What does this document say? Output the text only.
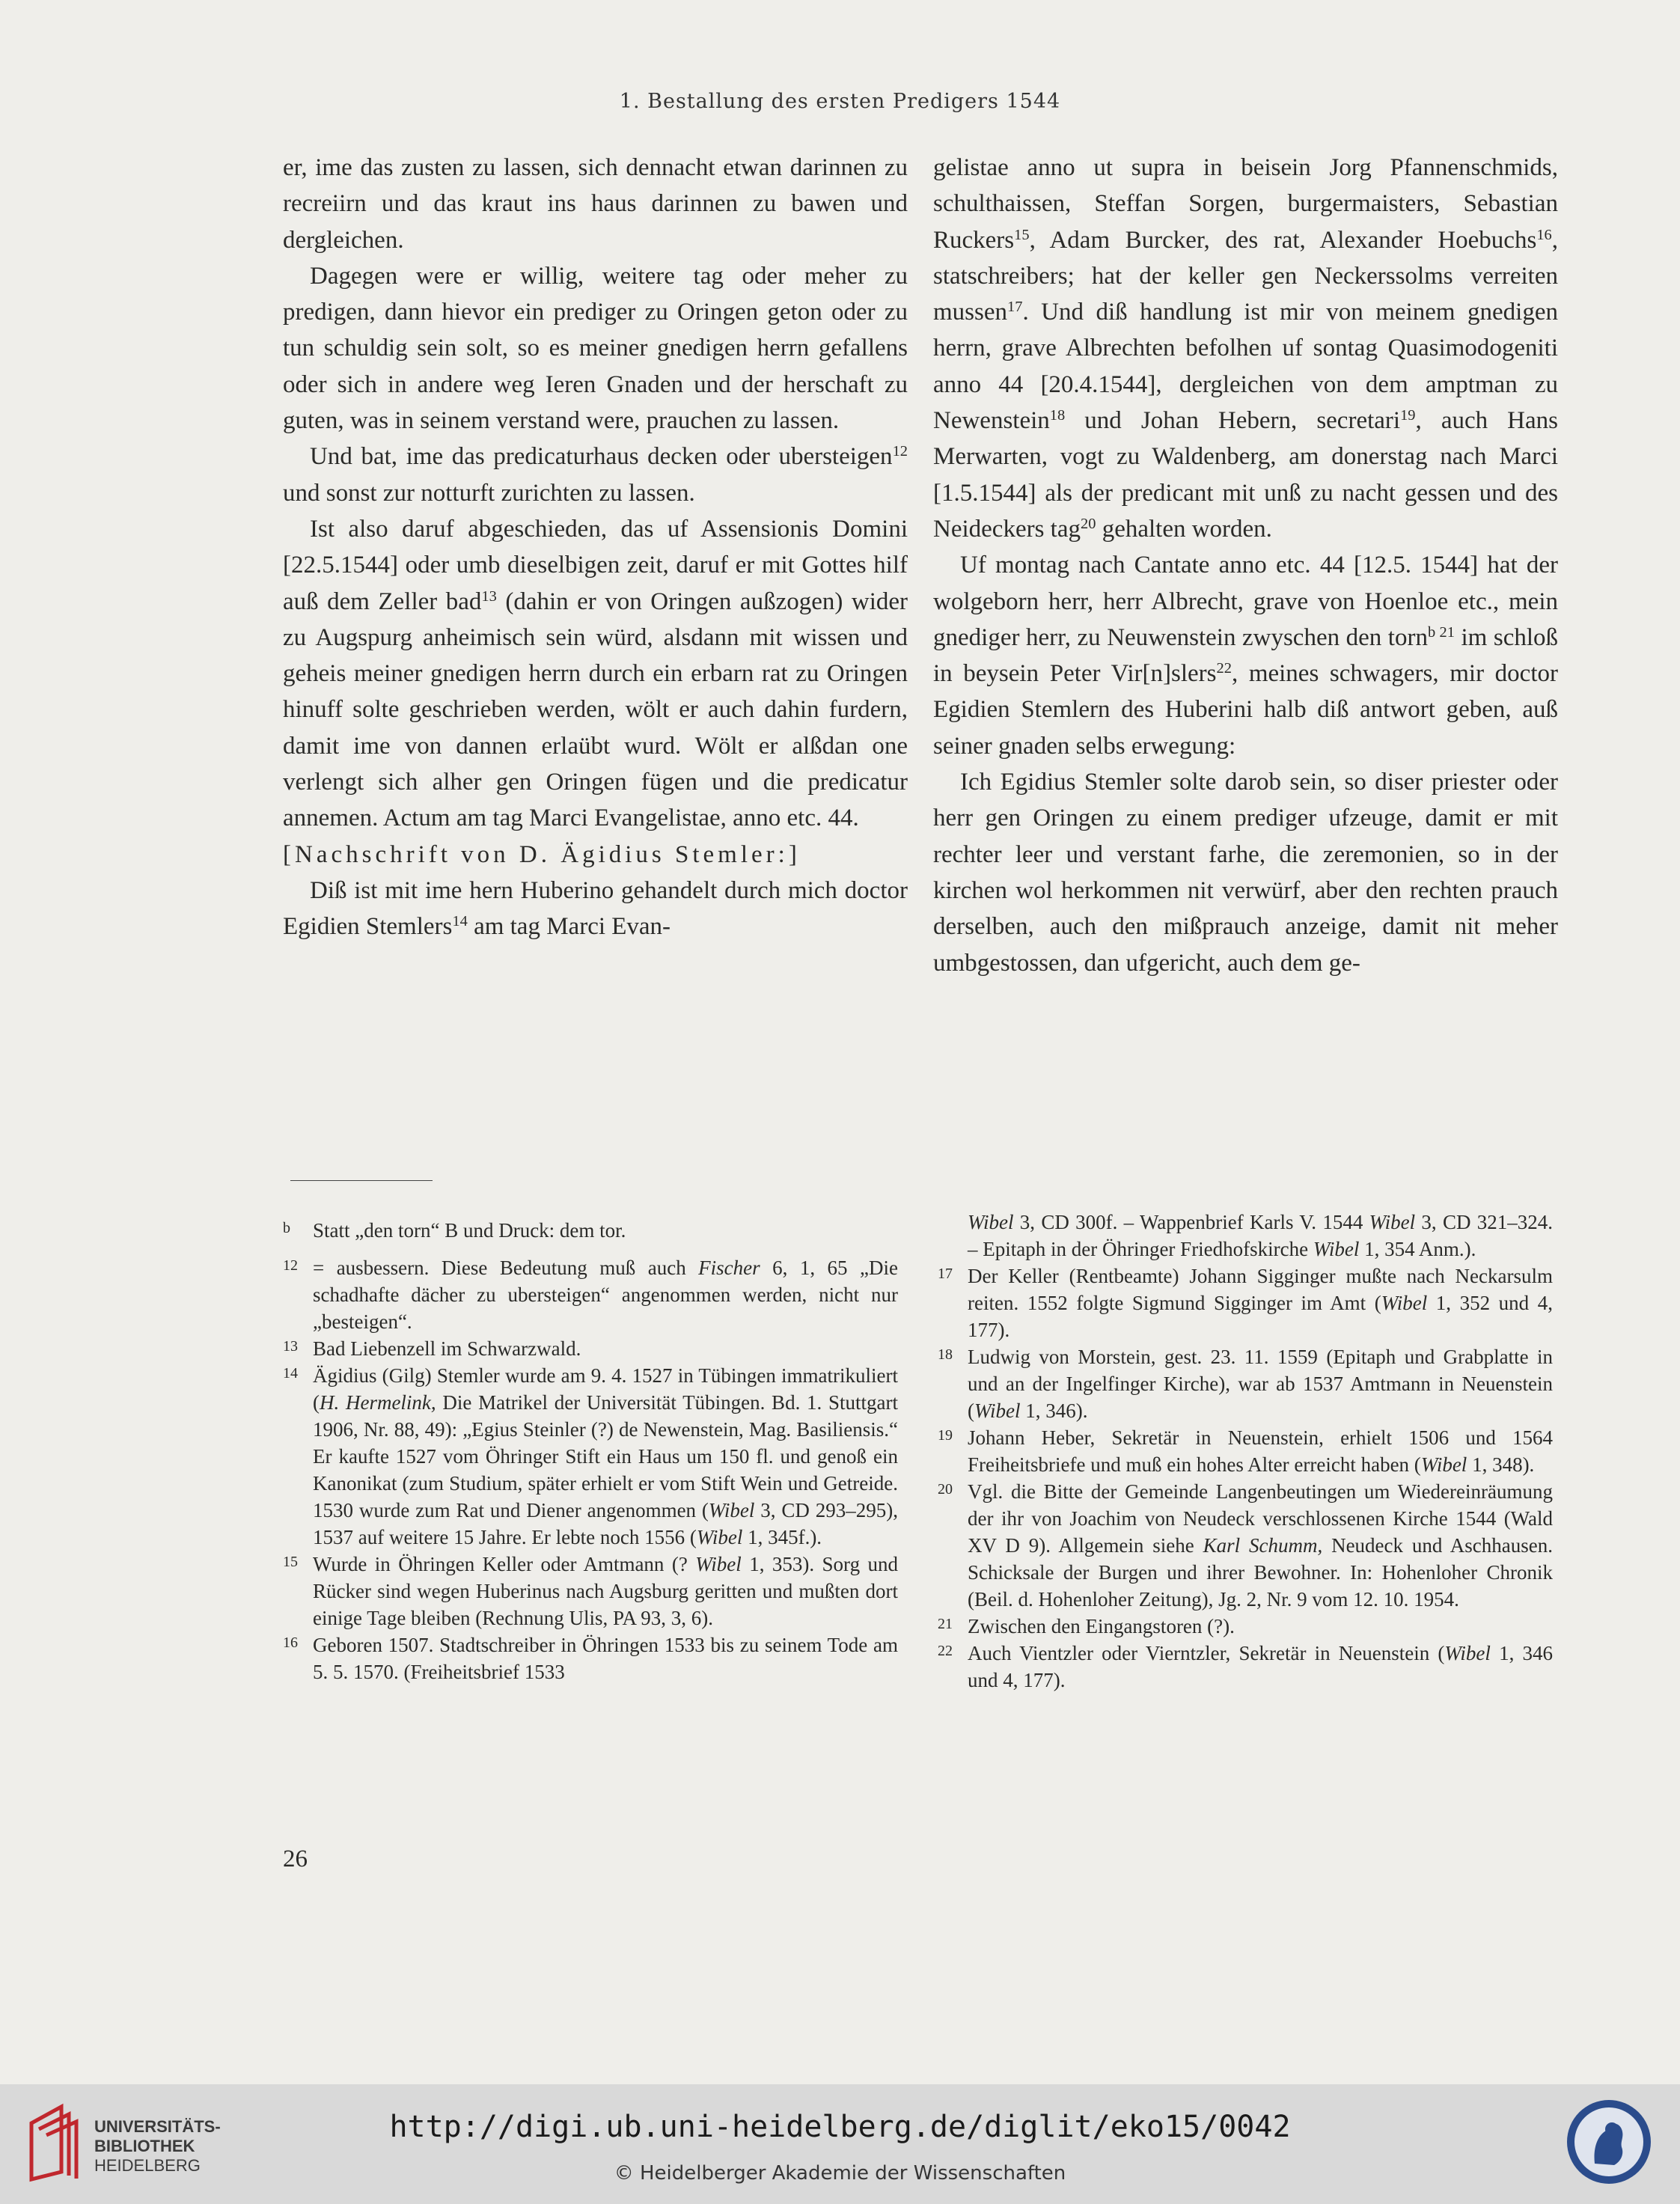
1. Bestallung des ersten Predigers 1544

er, ime das zusten zu lassen, sich dennacht etwan darinnen zu recreiirn und das kraut ins haus darinnen zu bawen und dergleichen.

Dagegen were er willig, weitere tag oder meher zu predigen, dann hievor ein prediger zu Oringen geton oder zu tun schuldig sein solt, so es meiner gnedigen herrn gefallens oder sich in andere weg Ieren Gnaden und der herschaft zu guten, was in seinem verstand were, prauchen zu lassen.

Und bat, ime das predicaturhaus decken oder ubersteigen$^{12}$ und sonst zur notturft zurichten zu lassen.

Ist also daruf abgeschieden, das uf Assensionis Domini [22.5.1544] oder umb dieselbigen zeit, daruf er mit Gottes hilf auß dem Zeller bad$^{13}$ (dahin er von Oringen außzogen) wider zu Augspurg anheimisch sein würd, alsdann mit wissen und geheis meiner gnedigen herrn durch ein erbarn rat zu Oringen hinuff solte geschrieben werden, wölt er auch dahin furdern, damit ime von dannen erlaübt wurd. Wölt er alßdan one verlengt sich alher gen Oringen fügen und die predicatur annemen. Actum am tag Marci Evangelistae, anno etc. 44.

[Nachschrift von D. Ägidius Stemler:]

Diß ist mit ime hern Huberino gehandelt durch mich doctor Egidien Stemlers$^{14}$ am tag Marci Evan-

gelistae anno ut supra in beisein Jorg Pfannenschmids, schulthaissen, Steffan Sorgen, burgermaisters, Sebastian Ruckers$^{15}$, Adam Burcker, des rat, Alexander Hoebuchs$^{16}$, statschreibers; hat der keller gen Neckerssolms verreiten mussen$^{17}$. Und diß handlung ist mir von meinem gnedigen herrn, grave Albrechten befolhen uf sontag Quasimodogeniti anno 44 [20.4.1544], dergleichen von dem amptman zu Newenstein$^{18}$ und Johan Hebern, secretari$^{19}$, auch Hans Merwarten, vogt zu Waldenberg, am donerstag nach Marci [1.5.1544] als der predicant mit unß zu nacht gessen und des Neideckers tag$^{20}$ gehalten worden.

Uf montag nach Cantate anno etc. 44 [12.5. 1544] hat der wolgeborn herr, herr Albrecht, grave von Hoenloe etc., mein gnediger herr, zu Neuwenstein zwyschen den torn$^{b 21}$ im schloß in beysein Peter Vir[n]slers$^{22}$, meines schwagers, mir doctor Egidien Stemlern des Huberini halb diß antwort geben, auß seiner gnaden selbs erwegung:

Ich Egidius Stemler solte darob sein, so diser priester oder herr gen Oringen zu einem prediger ufzeuge, damit er mit rechter leer und verstant farhe, die zeremonien, so in der kirchen wol herkommen nit verwürf, aber den rechten prauch derselben, auch den mißprauch anzeige, damit nit meher umbgestossen, dan ufgericht, auch dem ge-

b	Statt „den torn“ B und Druck: dem tor.
12 = ausbessern. Diese Bedeutung muß auch Fischer 6, 1, 65 „Die schadhafte dächer zu ubersteigen“ angenommen werden, nicht nur „besteigen“.
13 Bad Liebenzell im Schwarzwald.
14 Ägidius (Gilg) Stemler wurde am 9. 4. 1527 in Tübingen immatrikuliert (H. Hermelink, Die Matrikel der Universität Tübingen. Bd. 1. Stuttgart 1906, Nr. 88, 49): „Egius Steinler (?) de Newenstein, Mag. Basiliensis.“ Er kaufte 1527 vom Öhringer Stift ein Haus um 150 fl. und genoß ein Kanonikat (zum Studium, später erhielt er vom Stift Wein und Getreide. 1530 wurde zum Rat und Diener angenommen (Wibel 3, CD 293–295), 1537 auf weitere 15 Jahre. Er lebte noch 1556 (Wibel 1, 345f.).
15 Wurde in Öhringen Keller oder Amtmann (? Wibel 1, 353). Sorg und Rücker sind wegen Huberinus nach Augsburg geritten und mußten dort einige Tage bleiben (Rechnung Ulis, PA 93, 3, 6).
16 Geboren 1507. Stadtschreiber in Öhringen 1533 bis zu seinem Tode am 5. 5. 1570. (Freiheitsbrief 1533
Wibel 3, CD 300f. – Wappenbrief Karls V. 1544 Wibel 3, CD 321–324. – Epitaph in der Öhringer Friedhofskirche Wibel 1, 354 Anm.).
17 Der Keller (Rentbeamte) Johann Sigginger mußte nach Neckarsulm reiten. 1552 folgte Sigmund Sigginger im Amt (Wibel 1, 352 und 4, 177).
18 Ludwig von Morstein, gest. 23. 11. 1559 (Epitaph und Grabplatte in und an der Ingelfinger Kirche), war ab 1537 Amtmann in Neuenstein (Wibel 1, 346).
19 Johann Heber, Sekretär in Neuenstein, erhielt 1506 und 1564 Freiheitsbriefe und muß ein hohes Alter erreicht haben (Wibel 1, 348).
20 Vgl. die Bitte der Gemeinde Langenbeutingen um Wiedereinräumung der ihr von Joachim von Neudeck verschlossenen Kirche 1544 (Wald XV D 9). Allgemein siehe Karl Schumm, Neudeck und Aschhausen. Schicksale der Burgen und ihrer Bewohner. In: Hohenloher Chronik (Beil. d. Hohenloher Zeitung), Jg. 2, Nr. 9 vom 12. 10. 1954.
21 Zwischen den Eingangstoren (?).
22 Auch Vientzler oder Vierntzler, Sekretär in Neuenstein (Wibel 1, 346 und 4, 177).
26
UNIVERSITÄTS-
BIBLIOTHEK
HEIDELBERG
http://digi.ub.uni-heidelberg.de/diglit/eko15/0042
© Heidelberger Akademie der Wissenschaften
